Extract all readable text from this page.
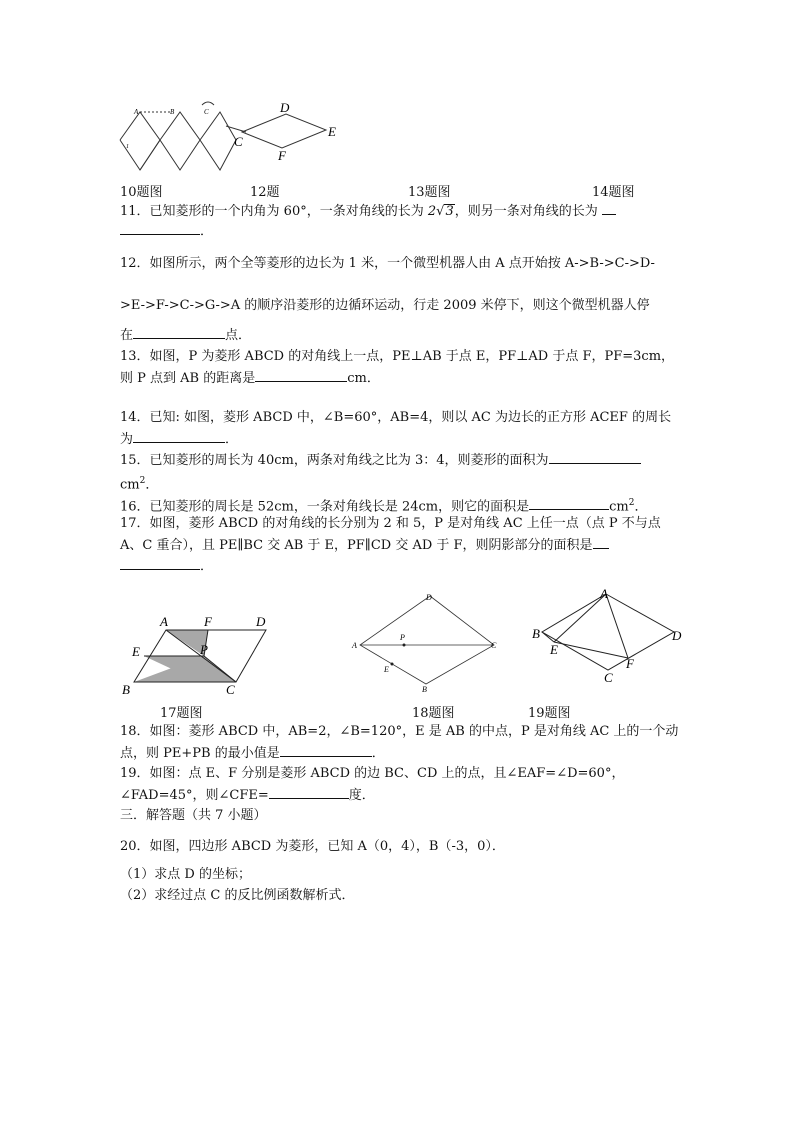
A	B	C
1	C
D
E
F
10题图	12题	13题图	14题图
11．已知菱形的一个内角为 60°，一条对角线的长为 2√3，则另一条对角线的长为
．
12．如图所示，两个全等菱形的边长为 1 米，一个微型机器人由 A 点开始按 A->B->C->D-
>E->F->C->G->A 的顺序沿菱形的边循环运动，行走 2009 米停下，则这个微型机器人停
在	点．
13．如图，P 为菱形 ABCD 的对角线上一点，PE⊥AB 于点 E，PF⊥AD 于点 F，PF=3cm，
则 P 点到 AB 的距离是	cm．
14．已知: 如图，菱形 ABCD 中，∠B=60°，AB=4，则以 AC 为边长的正方形 ACEF 的周长
为	．
15．已知菱形的周长为 40cm，两条对角线之比为 3：4，则菱形的面积为
$cm^2$．
16．已知菱形的周长是 52cm，一条对角线长是 24cm，则它的面积是	$cm^2$．
17．如图，菱形 ABCD 的对角线的长分别为 2 和 5，P 是对角线 AC 上任一点（点 P 不与点
A、C 重合），且 PE∥BC 交 AB 于 E，PF∥CD 交 AD 于 F，则阴影部分的面积是
．
A	F	D
E	P
B	C
D
A
P
C
E
B
A
B	D
E
F
C
17题图	18题图	19题图
18．如图：菱形 ABCD 中，AB=2，∠B=120°，E 是 AB 的中点，P 是对角线 AC 上的一个动
点，则 PE+PB 的最小值是	．
19．如图：点 E、F 分别是菱形 ABCD 的边 BC、CD 上的点，且∠EAF=∠D=60°，
∠FAD=45°，则∠CFE=	度．
三．解答题（共 7 小题）
20．如图，四边形 ABCD 为菱形，已知 A（0，4），B（-3，0）．
（1）求点 D 的坐标；
（2）求经过点 C 的反比例函数解析式．
